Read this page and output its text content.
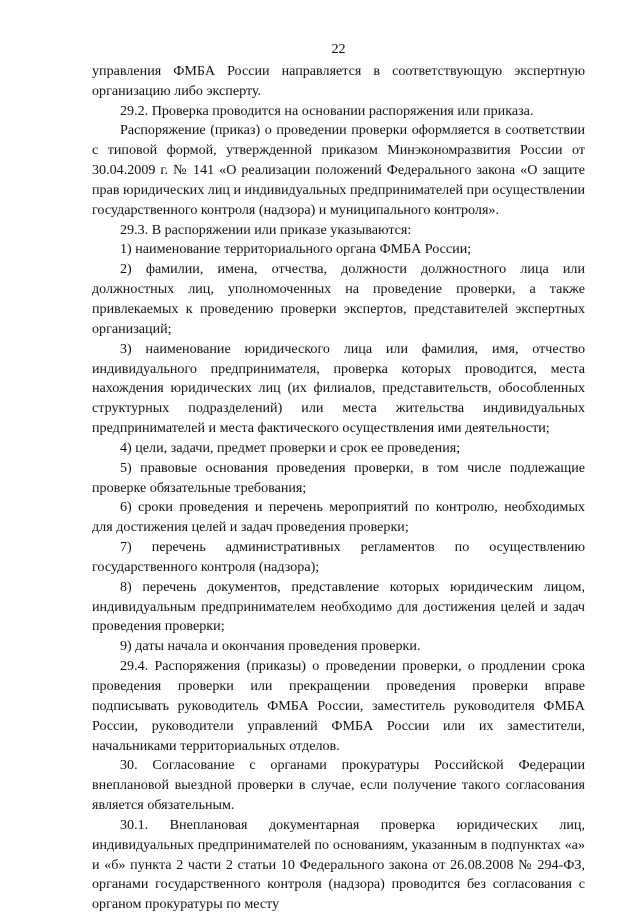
22

управления ФМБА России направляется в соответствующую экспертную организацию либо эксперту.

29.2. Проверка проводится на основании распоряжения или приказа.

Распоряжение (приказ) о проведении проверки оформляется в соответствии с типовой формой, утвержденной приказом Минэкономразвития России от 30.04.2009 г. № 141 «О реализации положений Федерального закона «О защите прав юридических лиц и индивидуальных предпринимателей при осуществлении государственного контроля (надзора) и муниципального контроля».

29.3. В распоряжении или приказе указываются:

1) наименование территориального органа ФМБА России;

2) фамилии, имена, отчества, должности должностного лица или должностных лиц, уполномоченных на проведение проверки, а также привлекаемых к проведению проверки экспертов, представителей экспертных организаций;

3) наименование юридического лица или фамилия, имя, отчество индивидуального предпринимателя, проверка которых проводится, места нахождения юридических лиц (их филиалов, представительств, обособленных структурных подразделений) или места жительства индивидуальных предпринимателей и места фактического осуществления ими деятельности;

4) цели, задачи, предмет проверки и срок ее проведения;

5) правовые основания проведения проверки, в том числе подлежащие проверке обязательные требования;

6) сроки проведения и перечень мероприятий по контролю, необходимых для достижения целей и задач проведения проверки;

7) перечень административных регламентов по осуществлению государственного контроля (надзора);

8) перечень документов, представление которых юридическим лицом, индивидуальным предпринимателем необходимо для достижения целей и задач проведения проверки;

9) даты начала и окончания проведения проверки.

29.4. Распоряжения (приказы) о проведении проверки, о продлении срока проведения проверки или прекращении проведения проверки вправе подписывать руководитель ФМБА России, заместитель руководителя ФМБА России, руководители управлений ФМБА России или их заместители, начальниками территориальных отделов.

30. Согласование с органами прокуратуры Российской Федерации внеплановой выездной проверки в случае, если получение такого согласования является обязательным.

30.1. Внеплановая документарная проверка юридических лиц, индивидуальных предпринимателей по основаниям, указанным в подпунктах «а» и «б» пункта 2 части 2 статьи 10 Федерального закона от 26.08.2008 № 294-ФЗ, органами государственного контроля (надзора) проводится без согласования с органом прокуратуры по месту
